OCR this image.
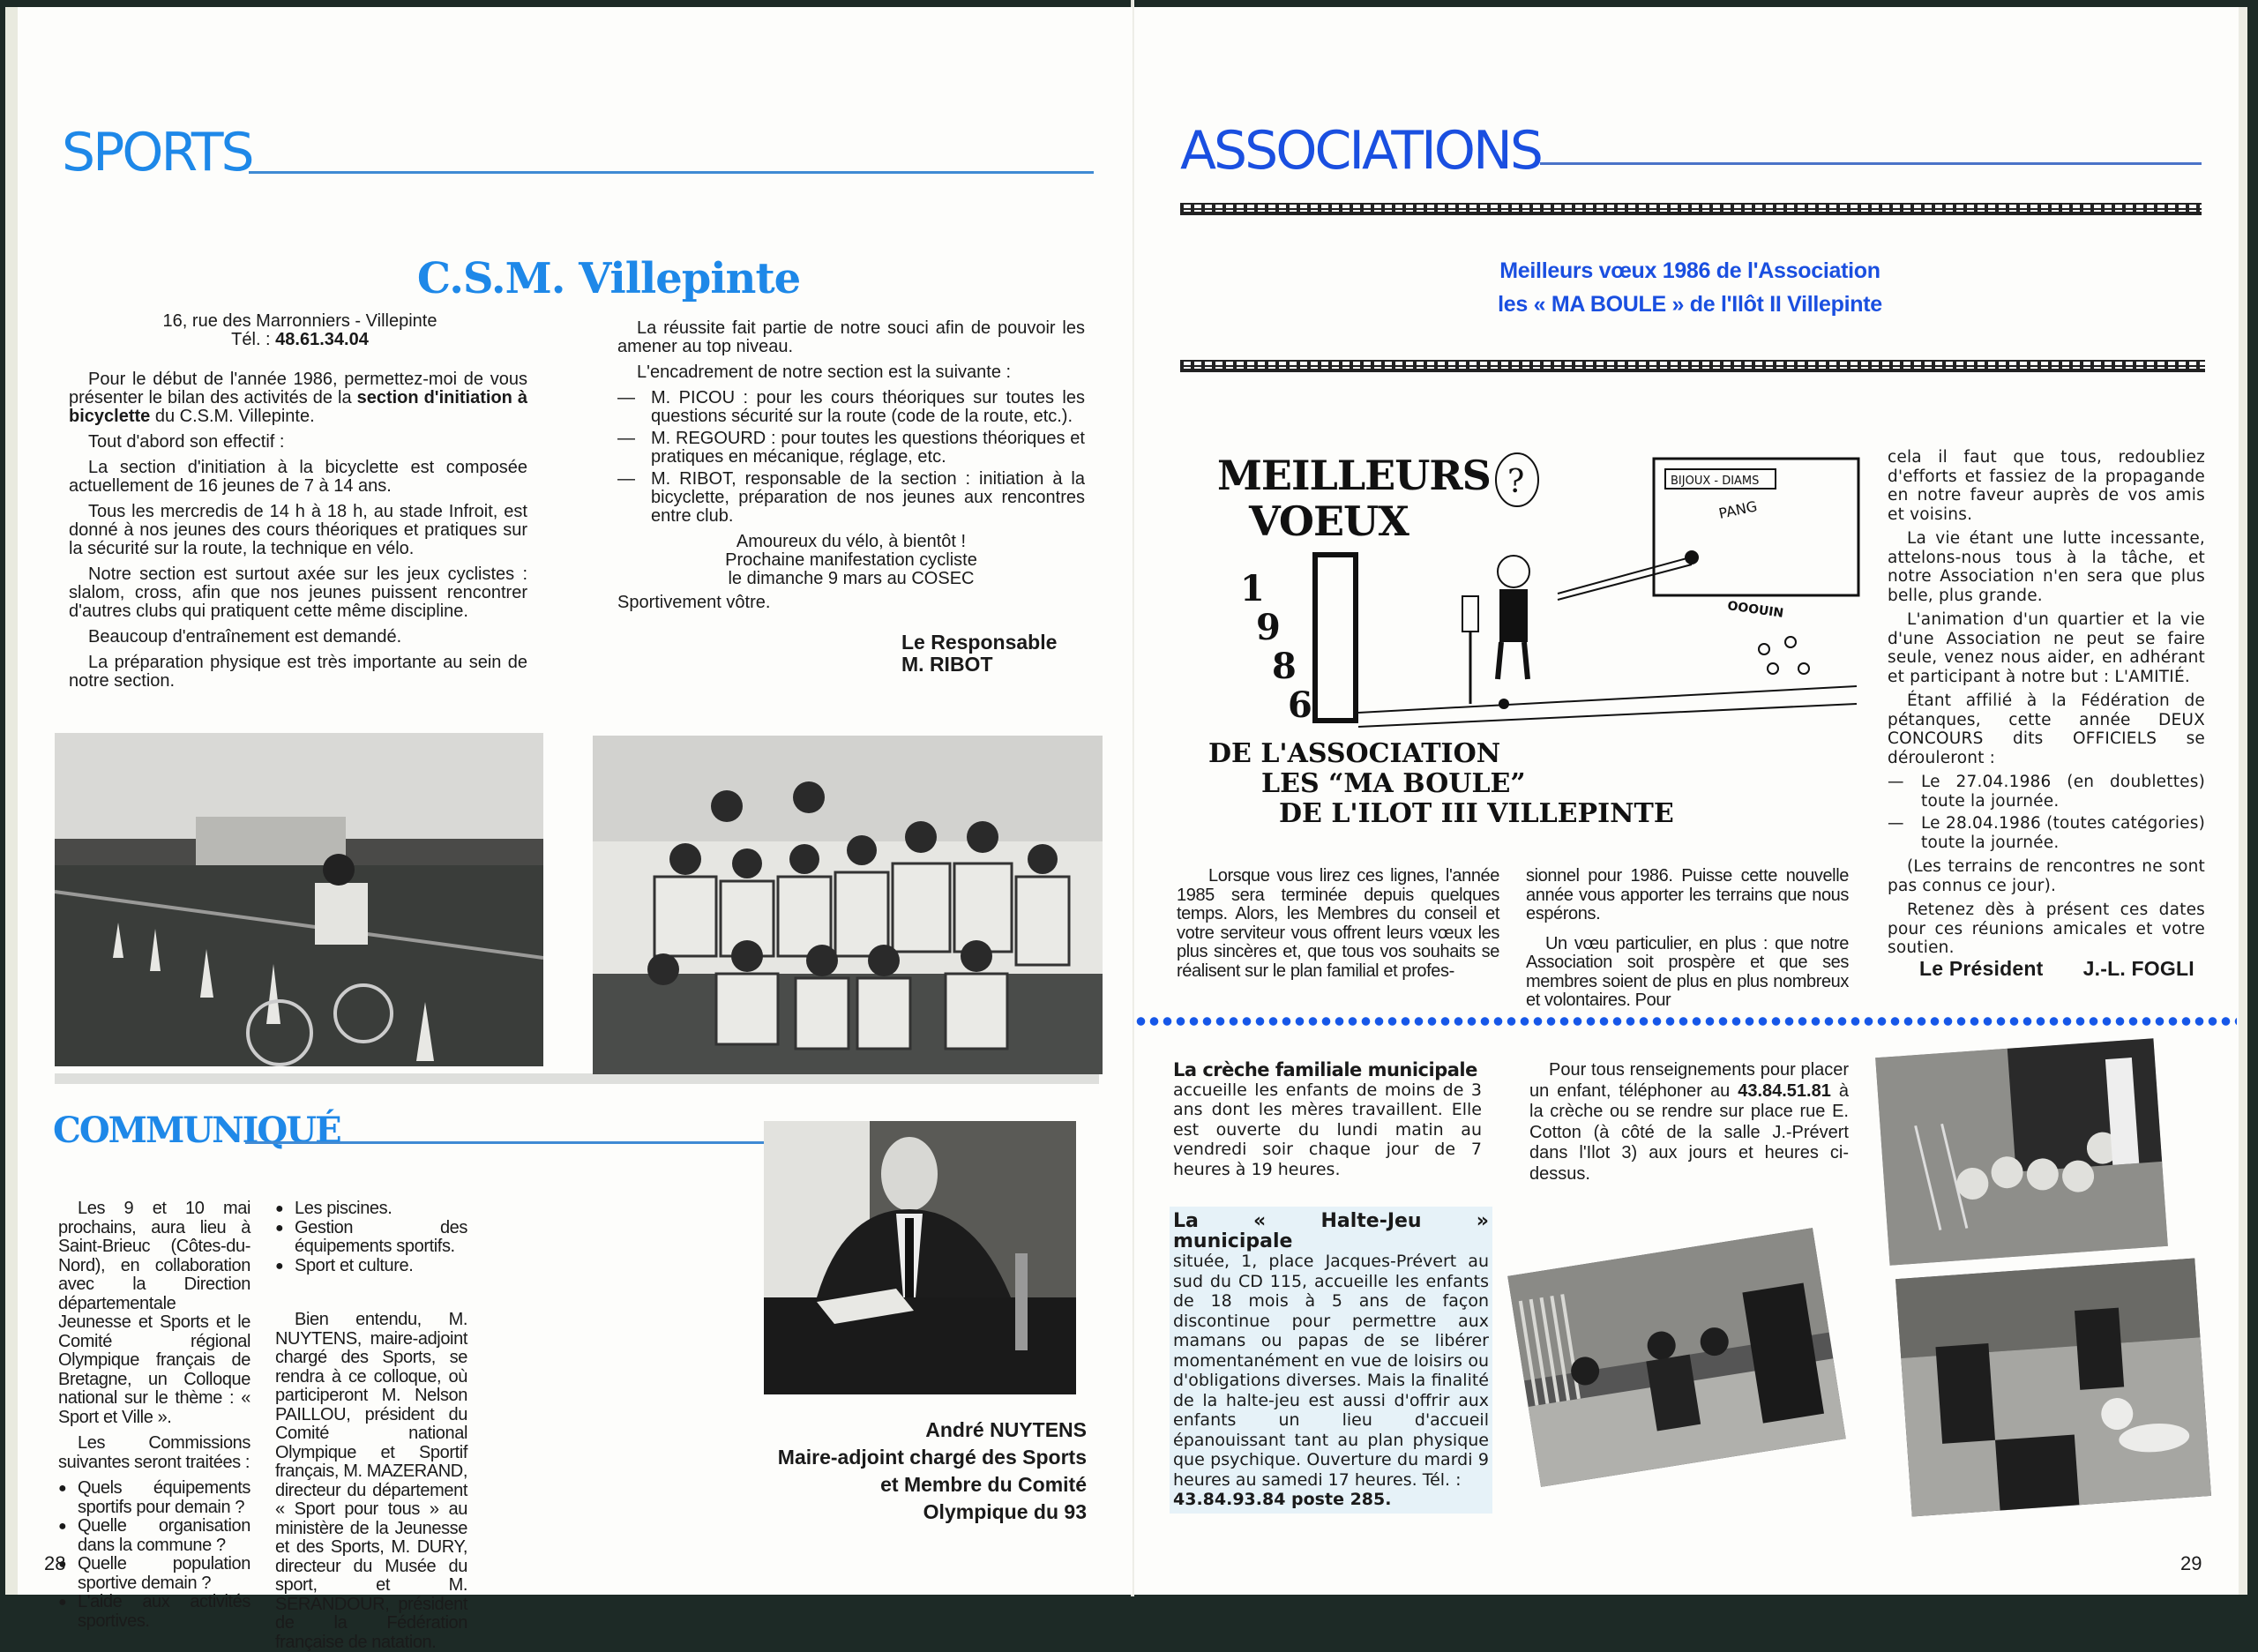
SPORTS
C.S.M. Villepinte
16, rue des Marronniers - Villepinte
Tél. : 48.61.34.04

Pour le début de l'année 1986, permettez-moi de vous présenter le bilan des activités de la section d'initiation à bicyclette du C.S.M. Villepinte.

Tout d'abord son effectif :

La section d'initiation à la bicyclette est composée actuellement de 16 jeunes de 7 à 14 ans.

Tous les mercredis de 14 h à 18 h, au stade Infroit, est donné à nos jeunes des cours théoriques et pratiques sur la sécurité sur la route, la technique en vélo.

Notre section est surtout axée sur les jeux cyclistes : slalom, cross, afin que nos jeunes puissent rencontrer d'autres clubs qui pratiquent cette même discipline.

Beaucoup d'entraînement est demandé.

La préparation physique est très importante au sein de notre section.

La réussite fait partie de notre souci afin de pouvoir les amener au top niveau.

L'encadrement de notre section est la suivante :

— M. PICOU : pour les cours théoriques sur toutes les questions sécurité sur la route (code de la route, etc.).
— M. REGOURD : pour toutes les questions théoriques et pratiques en mécanique, réglage, etc.
— M. RIBOT, responsable de la section : initiation à la bicyclette, préparation de nos jeunes aux rencontres entre club.
Amoureux du vélo, à bientôt !
Prochaine manifestation cycliste
le dimanche 9 mars au COSEC
Sportivement vôtre.
Le Responsable
M. RIBOT
COMMUNIQUÉ

Les 9 et 10 mai prochains, aura lieu à Saint-Brieuc (Côtes-du-Nord), en collaboration avec la Direction départementale Jeunesse et Sports et le Comité régional Olympique français de Bretagne, un Colloque national sur le thème : « Sport et Ville ».

Les Commissions suivantes seront traitées :

● Quels équipements sportifs pour demain ?
● Quelle organisation dans la commune ?
● Quelle population sportive demain ?
● L'aide aux activités sportives.
● Les piscines.
● Gestion des équipements sportifs.
● Sport et culture.

Bien entendu, M. NUYTENS, maire-adjoint chargé des Sports, se rendra à ce colloque, où participeront M. Nelson PAILLOU, président du Comité national Olympique et Sportif français, M. MAZERAND, directeur du département « Sport pour tous » au ministère de la Jeunesse et des Sports, M. DURY, directeur du Musée du sport, et M. SERANDOUR, président de la Fédération française de natation.

André NUYTENS
Maire-adjoint chargé des Sports
et Membre du Comité
Olympique du 93
28
ASSOCIATIONS
Meilleurs vœux 1986 de l'Association
les « MA BOULE » de l'Ilôt II Villepinte
MEILLEURS
VOEUX
1
9
8
6
BIJOUX - DIAMS
PANG
OOOUIN
?
DE L'ASSOCIATION
LES “MA BOULE”
DE L'ILOT III VILLEPINTE

Lorsque vous lirez ces lignes, l'année 1985 sera terminée depuis quelques temps. Alors, les Membres du conseil et votre serviteur vous offrent leurs vœux les plus sincères et, que tous vos souhaits se réalisent sur le plan familial et profes-

sionnel pour 1986. Puisse cette nouvelle année vous apporter les terrains que nous espérons.

Un vœu particulier, en plus : que notre Association soit prospère et que ses membres soient de plus en plus nombreux et volontaires. Pour

cela il faut que tous, redoubliez d'efforts et fassiez de la propagande en notre faveur auprès de vos amis et voisins.

La vie étant une lutte incessante, attelons-nous tous à la tâche, et notre Association n'en sera que plus belle, plus grande.

L'animation d'un quartier et la vie d'une Association ne peut se faire seule, venez nous aider, en adhérant et participant à notre but : L'AMITIÉ.

Étant affilié à la Fédération de pétanques, cette année DEUX CONCOURS dits OFFICIELS se dérouleront :

— Le 27.04.1986 (en doublettes) toute la journée.
— Le 28.04.1986 (toutes catégories) toute la journée.

(Les terrains de rencontres ne sont pas connus ce jour).

Retenez dès à présent ces dates pour ces réunions amicales et votre soutien.

Le Président J.-L. FOGLI
La crèche familiale municipale
accueille les enfants de moins de 3 ans dont les mères travaillent. Elle est ouverte du lundi matin au vendredi soir chaque jour de 7 heures à 19 heures.
La « Halte-Jeu » municipale
située, 1, place Jacques-Prévert au sud du CD 115, accueille les enfants de 18 mois à 5 ans de façon discontinue pour permettre aux mamans ou papas de se libérer momentanément en vue de loisirs ou d'obligations diverses. Mais la finalité de la halte-jeu est aussi d'offrir aux enfants un lieu d'accueil épanouissant tant au plan physique que psychique. Ouverture du mardi 9 heures au samedi 17 heures. Tél. :
43.84.93.84 poste 285.

Pour tous renseignements pour placer un enfant, téléphoner au 43.84.51.81 à la crèche ou se rendre sur place rue E. Cotton (à côté de la salle J.-Prévert dans l'Ilot 3) aux jours et heures ci-dessus.

29
